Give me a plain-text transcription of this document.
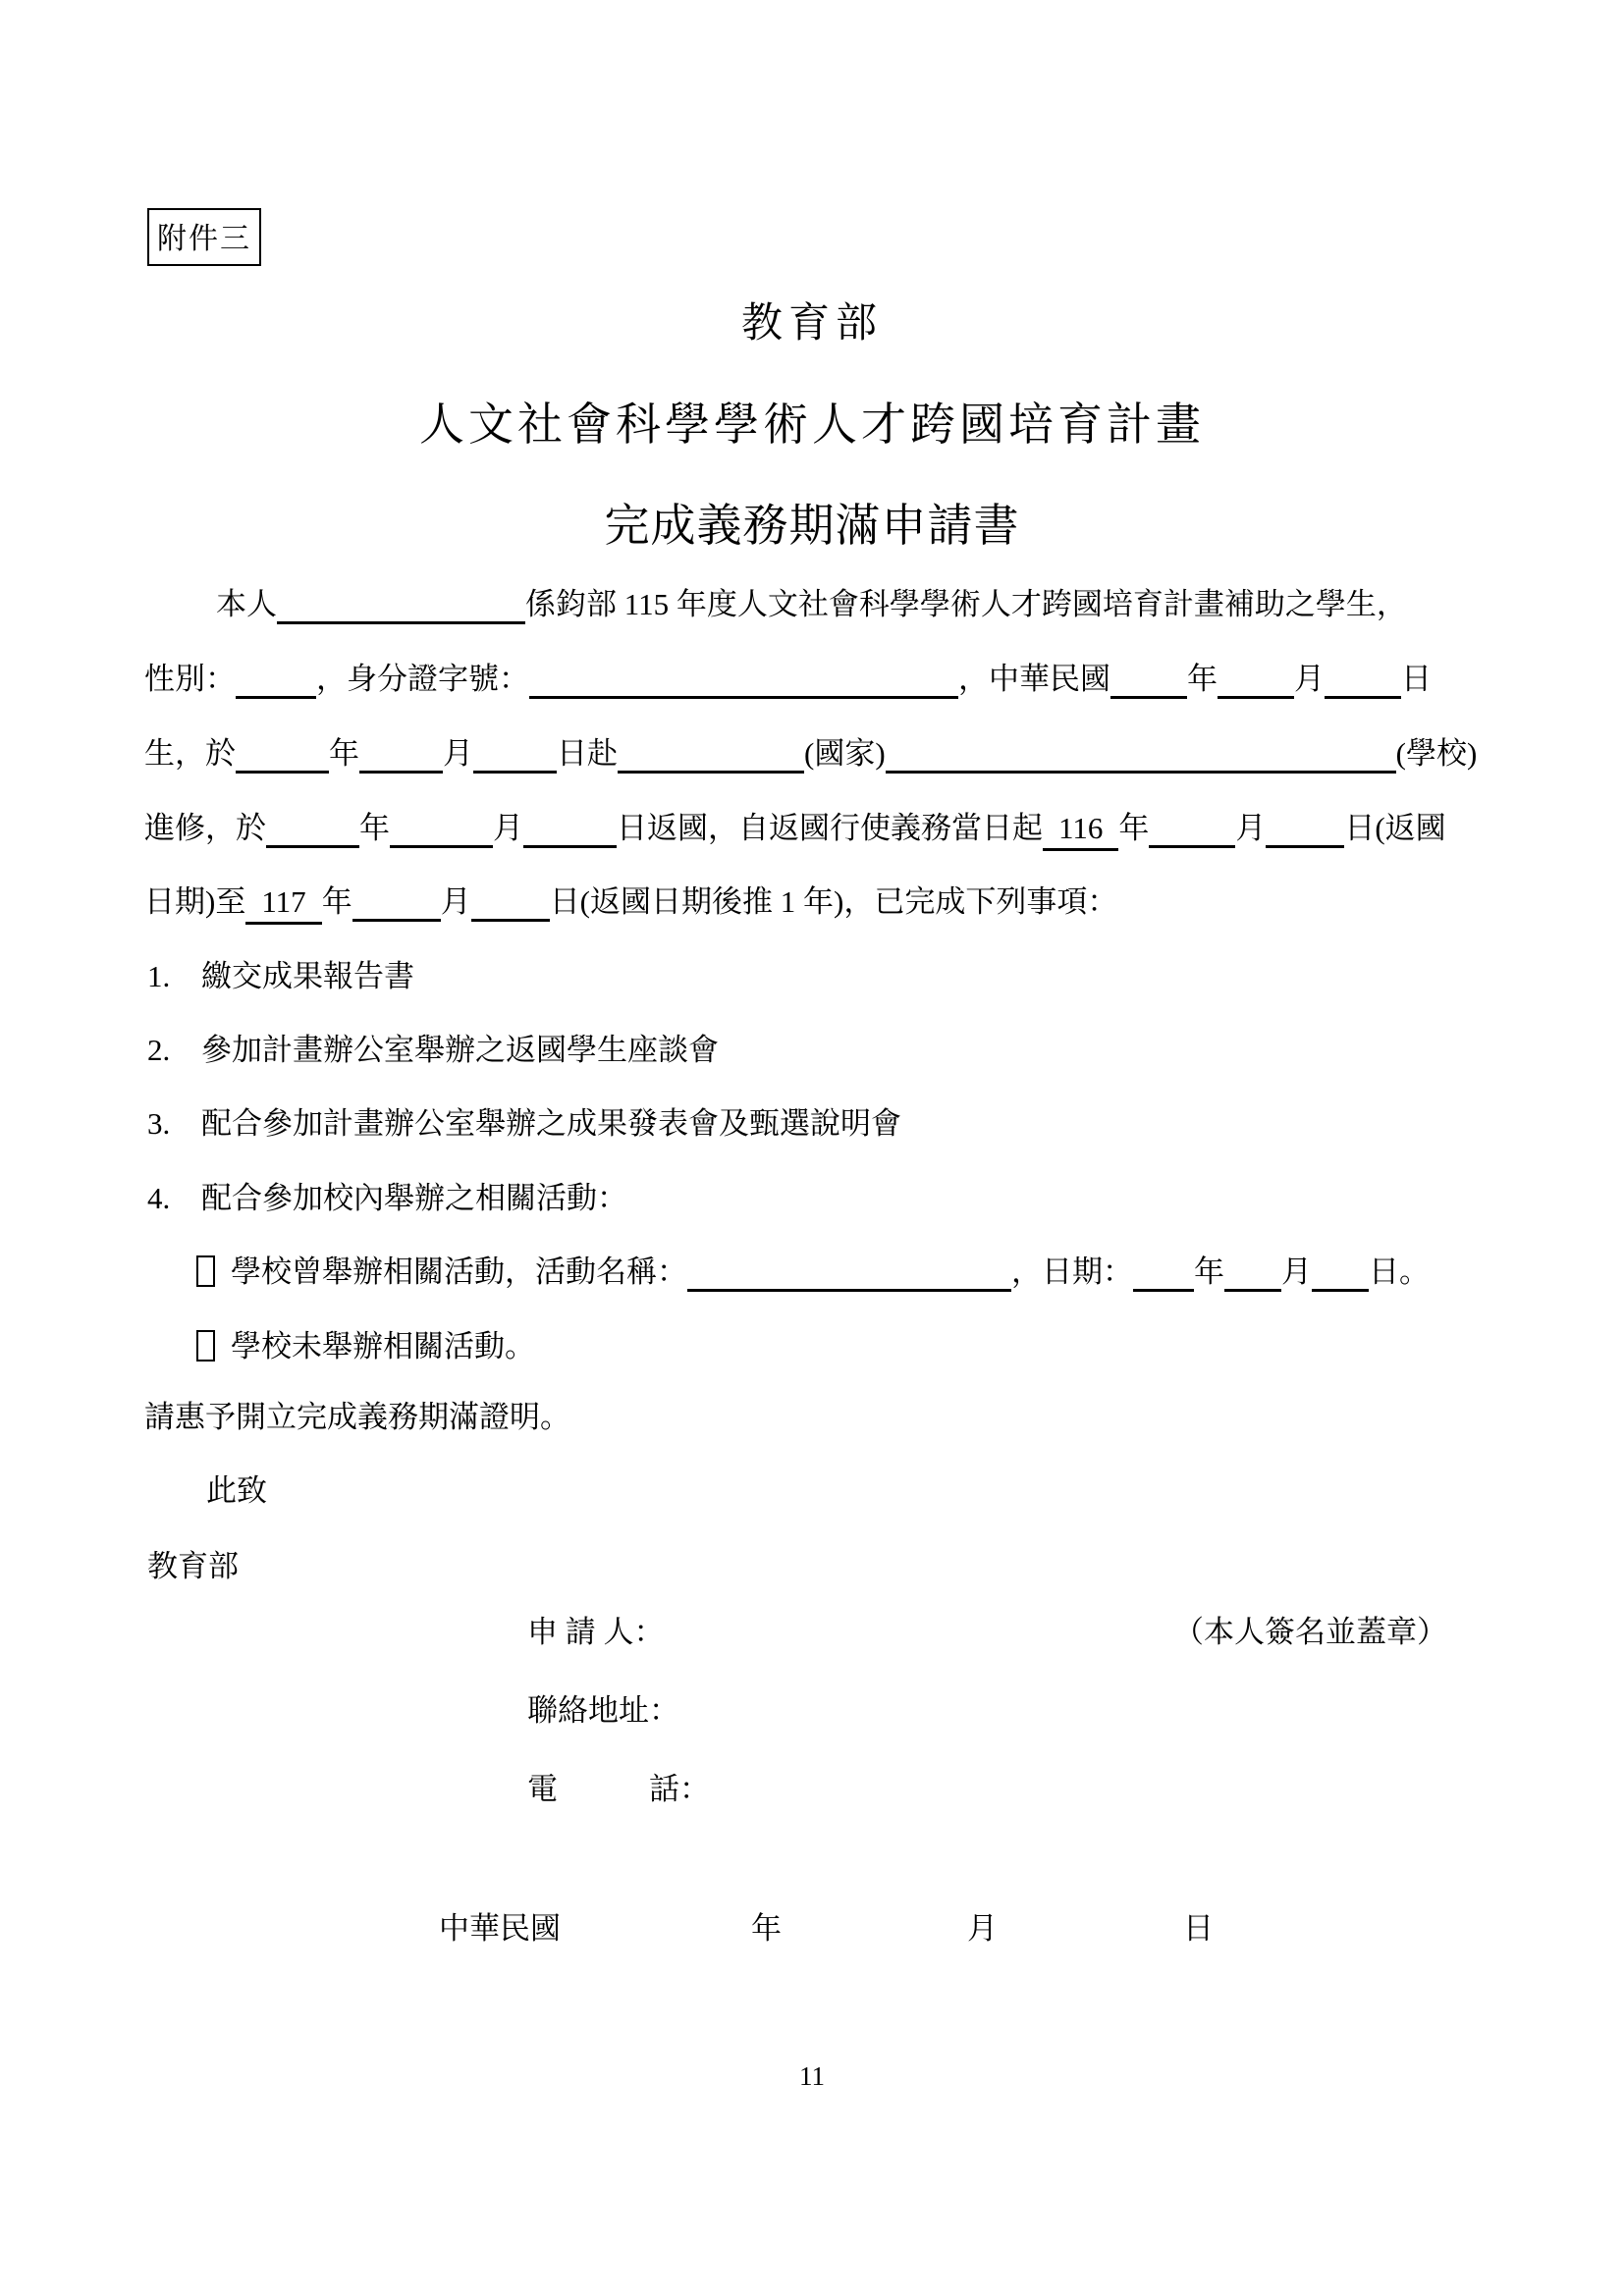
附件三
教育部
人文社會科學學術人才跨國培育計畫
完成義務期滿申請書
請惠予開立完成義務期滿證明。
此致
教育部
申 請 人：	（本人簽名並蓋章）
聯絡地址：
電　　　話：
中華民國	年	月	日
11
本人	係鈞部 115 年度人文社會科學學術人才跨國培育計畫補助之學生，
性別：	，身分證字號：	，中華民國	年	月	日
生，於	年	月	日赴	(國家)	(學校)
進修，於	年	月	日返國，自返國行使義務當日起 116 年	月	日(返國
日期)至 117 年	月	日(返國日期後推 1 年)，已完成下列事項：
1. 繳交成果報告書
2. 參加計畫辦公室舉辦之返國學生座談會
3. 配合參加計畫辦公室舉辦之成果發表會及甄選說明會
4. 配合參加校內舉辦之相關活動：
學校曾舉辦相關活動，活動名稱：	，日期： 年 月 日。
學校未舉辦相關活動。
